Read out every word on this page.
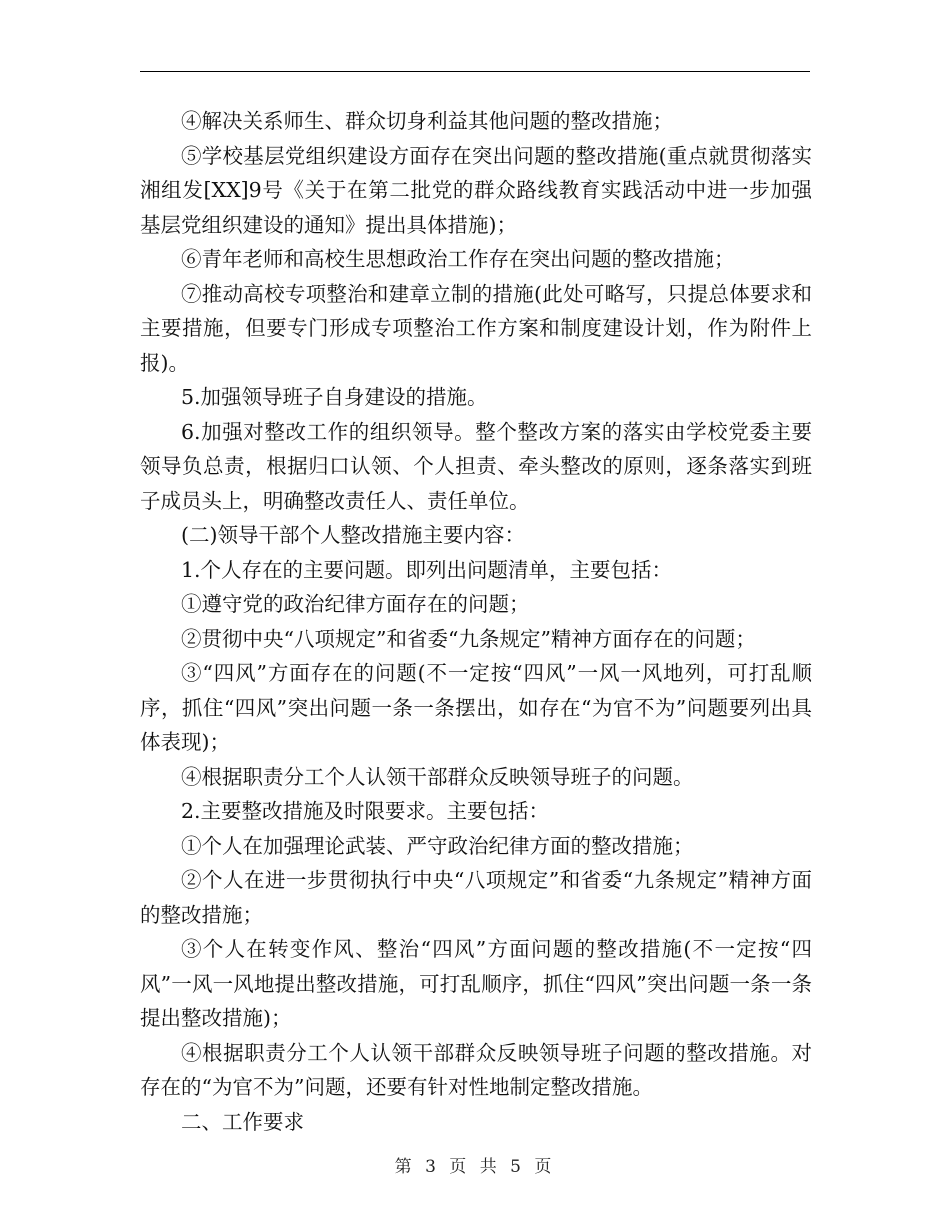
④解决关系师生、群众切身利益其他问题的整改措施；

⑤学校基层党组织建设方面存在突出问题的整改措施(重点就贯彻落实湘组发[XX]9号《关于在第二批党的群众路线教育实践活动中进一步加强基层党组织建设的通知》提出具体措施)；

⑥青年老师和高校生思想政治工作存在突出问题的整改措施；

⑦推动高校专项整治和建章立制的措施(此处可略写，只提总体要求和主要措施，但要专门形成专项整治工作方案和制度建设计划，作为附件上报)。

5.加强领导班子自身建设的措施。

6.加强对整改工作的组织领导。整个整改方案的落实由学校党委主要领导负总责，根据归口认领、个人担责、牵头整改的原则，逐条落实到班子成员头上，明确整改责任人、责任单位。

(二)领导干部个人整改措施主要内容：

1.个人存在的主要问题。即列出问题清单，主要包括：

①遵守党的政治纪律方面存在的问题；

②贯彻中央“八项规定”和省委“九条规定”精神方面存在的问题；

③“四风”方面存在的问题(不一定按“四风”一风一风地列，可打乱顺序，抓住“四风”突出问题一条一条摆出，如存在“为官不为”问题要列出具体表现)；

④根据职责分工个人认领干部群众反映领导班子的问题。

2.主要整改措施及时限要求。主要包括：

①个人在加强理论武装、严守政治纪律方面的整改措施；

②个人在进一步贯彻执行中央“八项规定”和省委“九条规定”精神方面的整改措施；

③个人在转变作风、整治“四风”方面问题的整改措施(不一定按“四风”一风一风地提出整改措施，可打乱顺序，抓住“四风”突出问题一条一条提出整改措施)；

④根据职责分工个人认领干部群众反映领导班子问题的整改措施。对存在的“为官不为”问题，还要有针对性地制定整改措施。

二、工作要求

第 3 页 共 5 页
